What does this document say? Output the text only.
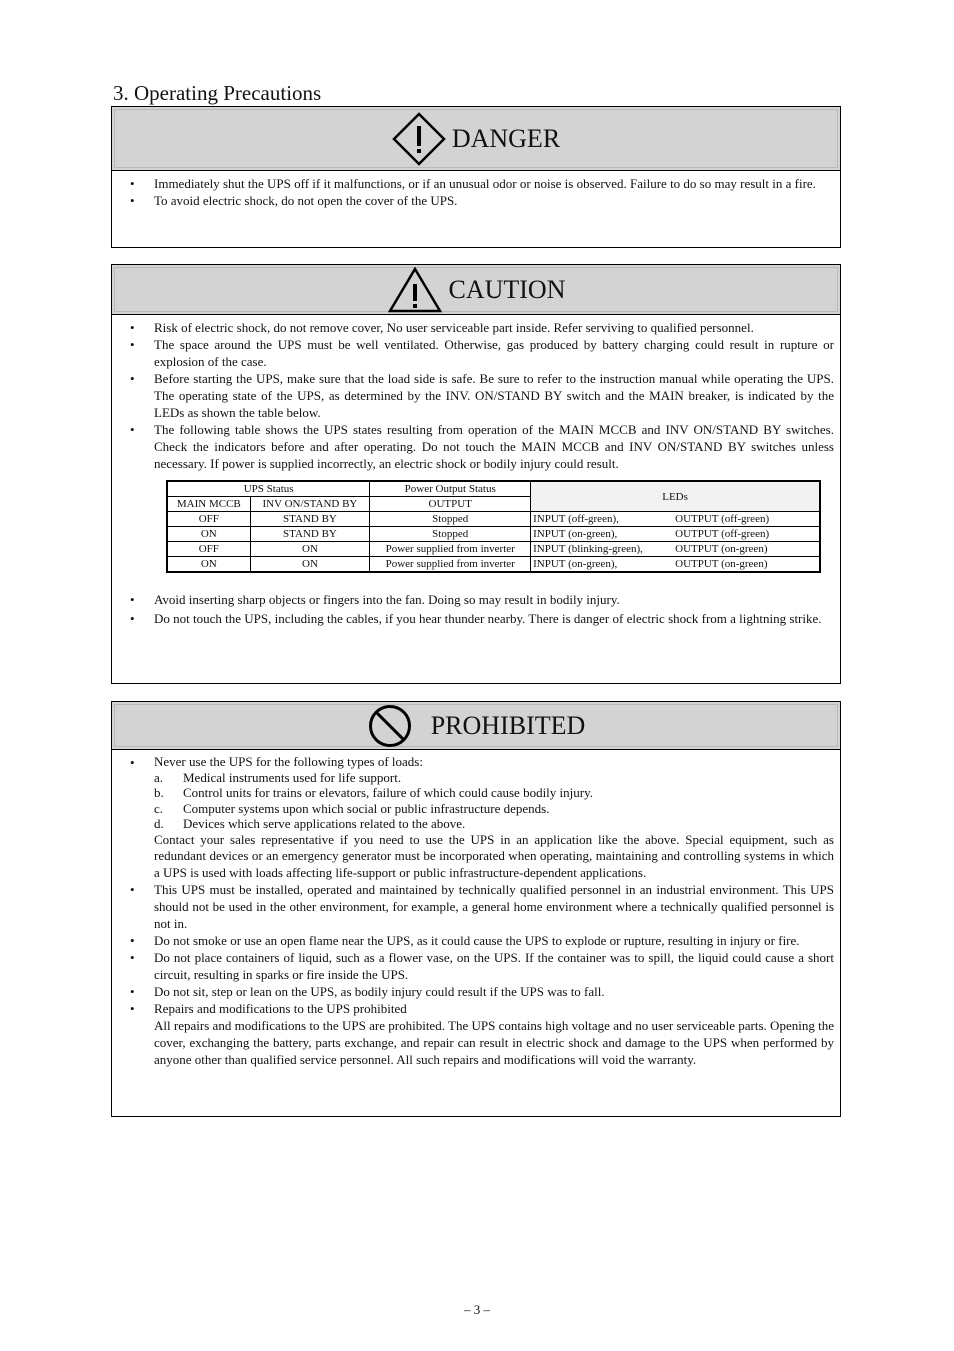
3. Operating Precautions
DANGER
• Immediately shut the UPS off if it malfunctions, or if an unusual odor or noise is observed. Failure to do so may result in a fire.
• To avoid electric shock, do not open the cover of the UPS.
CAUTION
• Risk of electric shock, do not remove cover, No user serviceable part inside. Refer serviving to qualified personnel.
• The space around the UPS must be well ventilated. Otherwise, gas produced by battery charging could result in rupture or explosion of the case.
• Before starting the UPS, make sure that the load side is safe. Be sure to refer to the instruction manual while operating the UPS. The operating state of the UPS, as determined by the INV. ON/STAND BY switch and the MAIN breaker, is indicated by the LEDs as shown the table below.
• The following table shows the UPS states resulting from operation of the MAIN MCCB and INV ON/STAND BY switches. Check the indicators before and after operating. Do not touch the MAIN MCCB and INV ON/STAND BY switches unless necessary. If power is supplied incorrectly, an electric shock or bodily injury could result.
UPS Status		Power Output Status	LEDs
MAIN MCCB	INV ON/STAND BY	OUTPUT	
OFF	STAND BY	Stopped	INPUT (off-green), OUTPUT (off-green)

ON	STAND BY	Stopped	INPUT (on-green), OUTPUT (off-green)

OFF	ON	Power supplied from inverter	INPUT (blinking-green), OUTPUT (on-green)

ON	ON	Power supplied from inverter	INPUT (on-green), OUTPUT (on-green)
• Avoid inserting sharp objects or fingers into the fan. Doing so may result in bodily injury.
• Do not touch the UPS, including the cables, if you hear thunder nearby. There is danger of electric shock from a lightning strike.
PROHIBITED
• Never use the UPS for the following types of loads:
a. Medical instruments used for life support.
b. Control units for trains or elevators, failure of which could cause bodily injury.
c. Computer systems upon which social or public infrastructure depends.
d. Devices which serve applications related to the above.
Contact your sales representative if you need to use the UPS in an application like the above. Special equipment, such as redundant devices or an emergency generator must be incorporated when operating, maintaining and controlling systems in which a UPS is used with loads affecting life-support or public infrastructure-dependent applications.
• This UPS must be installed, operated and maintained by technically qualified personnel in an industrial environment. This UPS should not be used in the other environment, for example, a general home environment where a technically qualified personnel is not in.
• Do not smoke or use an open flame near the UPS, as it could cause the UPS to explode or rupture, resulting in injury or fire.
• Do not place containers of liquid, such as a flower vase, on the UPS. If the container was to spill, the liquid could cause a short circuit, resulting in sparks or fire inside the UPS.
• Do not sit, step or lean on the UPS, as bodily injury could result if the UPS was to fall.
• Repairs and modifications to the UPS prohibited
All repairs and modifications to the UPS are prohibited. The UPS contains high voltage and no user serviceable parts. Opening the cover, exchanging the battery, parts exchange, and repair can result in electric shock and damage to the UPS when performed by anyone other than qualified service personnel. All such repairs and modifications will void the warranty.
– 3 –
